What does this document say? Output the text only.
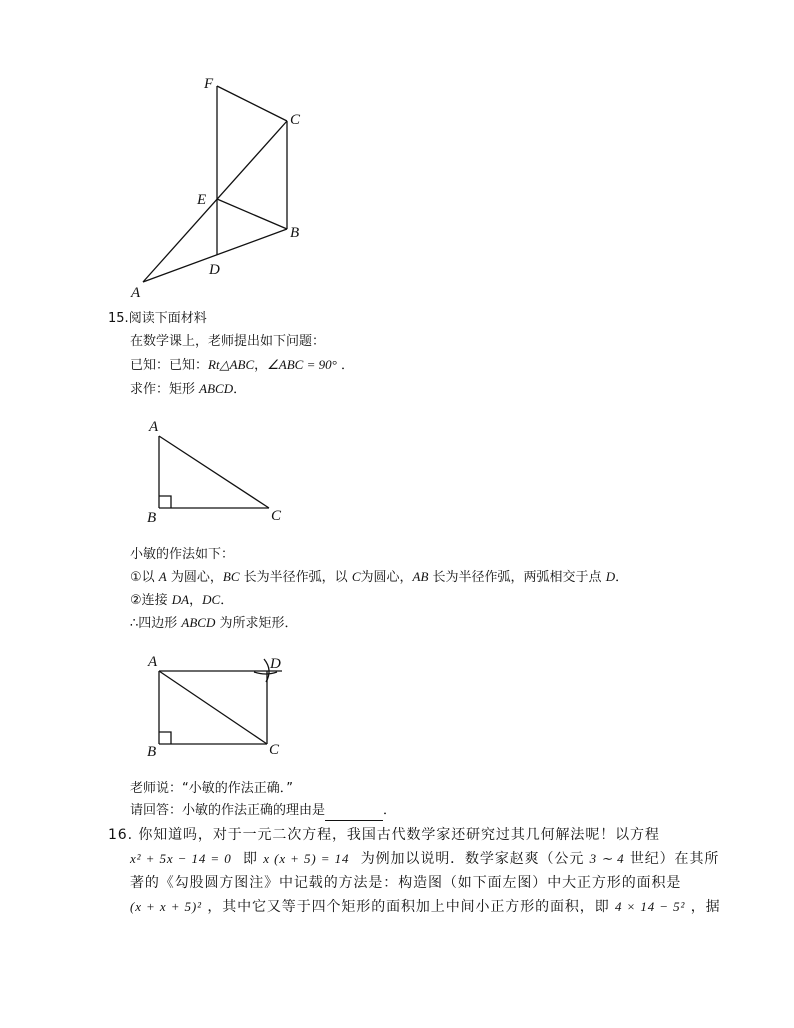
F
C
E
B
D
A
15.阅读下面材料
在数学课上，老师提出如下问题：
已知：已知：Rt△ABC，∠ABC = 90° ．
求作：矩形 ABCD．
A
B	C
小敏的作法如下：
①以 A 为圆心，BC 长为半径作弧，以 C为圆心，AB 长为半径作弧，两弧相交于点 D．
②连接 DA，DC．
∴四边形 ABCD 为所求矩形．
A	D
B	C
老师说：“小敏的作法正确．”
请回答：小敏的作法正确的理由是	．
16. 你知道吗，对于一元二次方程，我国古代数学家还研究过其几何解法呢！以方程
x² + 5x − 14 = 0 即 x (x + 5) = 14 为例加以说明．数学家赵爽（公元 3 ∼ 4 世纪）在其所
著的《勾股圆方图注》中记载的方法是：构造图（如下面左图）中大正方形的面积是
(x + x + 5)² ，其中它又等于四个矩形的面积加上中间小正方形的面积，即 4 × 14 − 5² ，据
